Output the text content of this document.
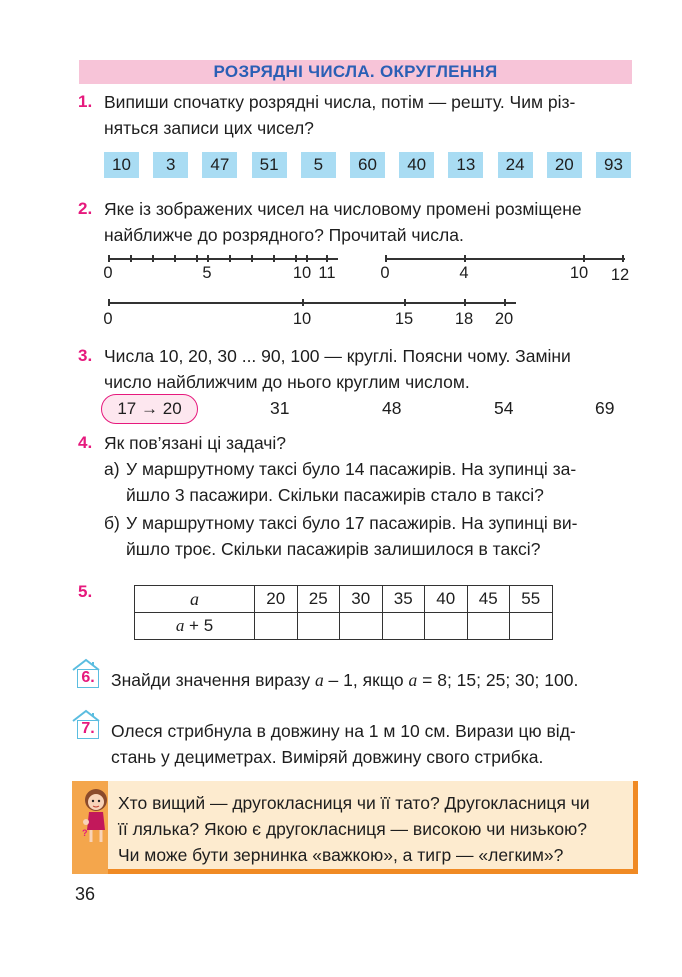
РОЗРЯДНІ ЧИСЛА. ОКРУГЛЕННЯ
1. Випиши спочатку розрядні числа, потім — решту. Чим різ-
няться записи цих чисел?
10	3	47	51	5	60	40	13	24	20	93
2. Яке із зображених чисел на числовому промені розміщене
найближче до розрядного? Прочитай числа.
0	5	10 11	0	4	10	12
0	10	15	18	20
3. Числа 10, 20, 30 ... 90, 100 — круглі. Поясни чому. Заміни
число найближчим до нього круглим числом.
17 → 20	31	48	54	69
4. Як пов’язані ці задачі?
а) У маршрутному таксі було 14 пасажирів. На зупинці за-
йшло 3 пасажири. Скільки пасажирів стало в таксі?
б) У маршрутному таксі було 17 пасажирів. На зупинці ви-
йшло троє. Скільки пасажирів залишилося в таксі?
5.	a	20	25	30	35	40	45	55
a + 5							
6. Знайди значення виразу a – 1, якщо a = 8; 15; 25; 30; 100.
7. Олеся стрибнула в довжину на 1 м 10 см. Вирази цю від-
стань у дециметрах. Виміряй довжину свого стрибка.
?
Хто вищий — другокласниця чи її тато? Другокласниця чи
її лялька? Якою є другокласниця — високою чи низькою?
Чи може бути зернинка «важкою», а тигр — «легким»?
36
